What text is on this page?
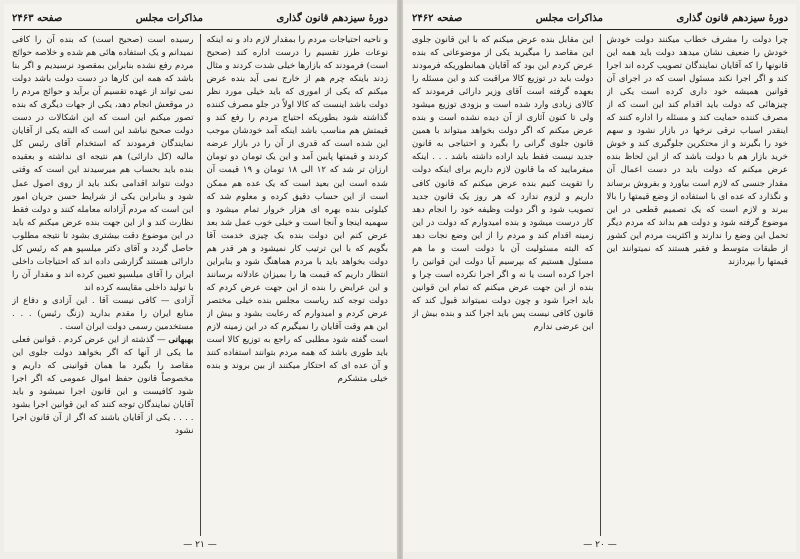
دورهٔ سیزدهم قانون گذاری
مذاکرات مجلس
صفحه ۲۴۶۳

و ناحیه احتیاجات مردم را بمقدار لازم داد و نه اینکه نوعات طرز تقسیم را درست اداره کند (صحیح است) فرمودند که بازارها خیلی شدت کردند و مثال زدند باینکه چرم هم از خارج نمی آید بنده عرض میکنم که یکی از اموری که باید خیلی مورد نظر دولت باشد اینست که کالا اولاً در جلو مصرف کننده گذاشته شود بطوریکه احتیاج مردم را رفع کند و قیمتش هم مناسب باشد اینکه آمد خودشان موجب این شده است که قدری از آن را در بازار عرضه کردند و قیمتها پایین آمد و این یک تومان دو تومان ارزان تر شد که ۱۲ الی ۱۸ تومان و ۱۹ قیمت آن شده است این بعید است که یک عده هم ممکن است از این حساب دقیق کرده و معلوم شد که کیلوئی بنده بهره ای هزار خروار تمام میشود و سهمیه اینجا و آنجا است و خیلی خوب عمل شد بعد عرض کنم این دولت بنده یک چیزی خدمت آقا بگویم که با این ترتیب کار نمیشود و هر قدر هم دولت بخواهد باید با مردم هماهنگ شود و بنابراین انتظار داریم که قیمت ها را بمیزان عادلانه برسانند و این عرایض را بنده از این جهت عرض کردم که دولت توجه کند ریاست مجلس بنده خیلی مختصر عرض کردم و امیدوارم که رعایت بشود و بیش از این هم وقت آقایان را نمیگیرم که در این زمینه لازم است گفته شود مطلبی که راجع به توزیع کالا است باید طوری باشد که همه مردم بتوانند استفاده کنند و آن عده ای که احتکار میکنند از بین بروند و بنده خیلی متشکرم

رسیده است (صحیح است) که بنده آن را کافی نمیدانم و یک استفاده هائی هم شده و خلاصه حوائج مردم رفع نشده بنابراین بمقصود نرسیدیم و اگر بنا باشد که همه این کارها در دست دولت باشد دولت نمی تواند از عهده تقسیم آن برآید و حوائج مردم را در موقعش انجام دهد، یکی از جهات دیگری که بنده تصور میکنم این است که این اشکالات در دست دولت صحیح نباشد این است که البته یکی از آقایان نمایندگان فرمودند که استخدام آقای رئیس کل مالیه (کل دارائی) هم نتیجه ای نداشته و بعقیده بنده باید بحساب هم میرسیدند این است که وقتی دولت نتواند اقدامی بکند باید از روی اصول عمل شود و بنابراین یکی از شرایط حسن جریان امور این است که مردم آزادانه معامله کنند و دولت فقط نظارت کند و از این جهت بنده عرض میکنم که باید در این موضوع دقت بیشتری بشود تا نتیجه مطلوب حاصل گردد و آقای دکتر میلسپو هم که رئیس کل دارائی هستند گزارشی داده اند که احتیاجات داخلی ایران را آقای میلسپو تعیین کرده اند و مقدار آن را با تولید داخلی مقایسه کرده اند

آزادی — کافی نیست آقا . این آزادی و دفاع از منابع ایران را مقدم بدارید (زنگ رئیس) . . . مستخدمین رسمی دولت ایران است .

بهبهانی — گذشته از این عرض کردم . قوانین فعلی ما یکی از آنها که اگر بخواهد دولت جلوی این مقاصد را بگیرد ما همان قوانینی که داریم و مخصوصاً قانون حفظ اموال عمومی که اگر اجرا شود کافیست و این قانون اجرا نمیشود و باید آقایان نمایندگان توجه کنند که این قوانین اجرا بشود . . . . یکی از آقایان باشند که اگر از آن قانون اجرا نشود

— ۲۱ —
دورهٔ سیزدهم قانون گذاری
مذاکرات مجلس
صفحه ۲۴۶۲

چرا دولت را مشرف خطاب میکنند دولت خودش خودش را ضعیف نشان میدهد دولت باید همه این قانونها را که آقایان نمایندگان تصویب کرده اند اجرا کند و اگر اجرا نکند مسئول است که در اجرای آن قوانین همیشه خود داری کرده است یکی از چیزهائی که دولت باید اقدام کند این است که از مصرف کننده حمایت کند و مسئله را اداره کنند که اینقدر اسباب ترقی نرخها در بازار نشود و سهم خود را بگیرند و از محتکرین جلوگیری کند و خوش خرید بازار هم با دولت باشد که از این لحاظ بنده عرض میکنم که دولت باید در دست اعمال آن مقدار جنسی که لازم است بیاورد و بفروش برساند و نگذارد که عده ای با استفاده از وضع قیمتها را بالا ببرند و لازم است که یک تصمیم قطعی در این موضوع گرفته شود و دولت هم بداند که مردم دیگر تحمل این وضع را ندارند و اکثریت مردم این کشور از طبقات متوسط و فقیر هستند که نمیتوانند این قیمتها را بپردازند

این مقابل بنده عرض میکنم که با این قانون جلوی این مقاصد را میگیرید یکی از موضوعاتی که بنده عرض کردم این بود که آقایان همانطوریکه فرمودند دولت باید در توزیع کالا مراقبت کند و این مسئله را بعهده گرفته است آقای وزیر دارائی فرمودند که کالای زیادی وارد شده است و بزودی توزیع میشود ولی تا کنون آثاری از آن دیده نشده است و بنده عرض میکنم که اگر دولت بخواهد میتواند با همین قانون جلوی گرانی را بگیرد و احتیاجی به قانون جدید نیست فقط باید اراده داشته باشد . . . اینکه میفرمایید که ما قانون لازم داریم برای اینکه دولت را تقویت کنیم بنده عرض میکنم که قانون کافی داریم و لزوم ندارد که هر روز یک قانون جدید تصویب شود و اگر دولت وظیفه خود را انجام دهد کار درست میشود و بنده امیدوارم که دولت در این زمینه اقدام کند و مردم را از این وضع نجات دهد که البته مسئولیت آن با دولت است و ما هم مسئول هستیم که بپرسیم آیا دولت این قوانین را اجرا کرده است یا نه و اگر اجرا نکرده است چرا و بنده از این جهت عرض میکنم که تمام این قوانین باید اجرا شود و چون دولت نمیتواند قبول کند که قانون کافی نیست پس باید اجرا کند و بنده بیش از این عرضی ندارم

— ۲۰ —
